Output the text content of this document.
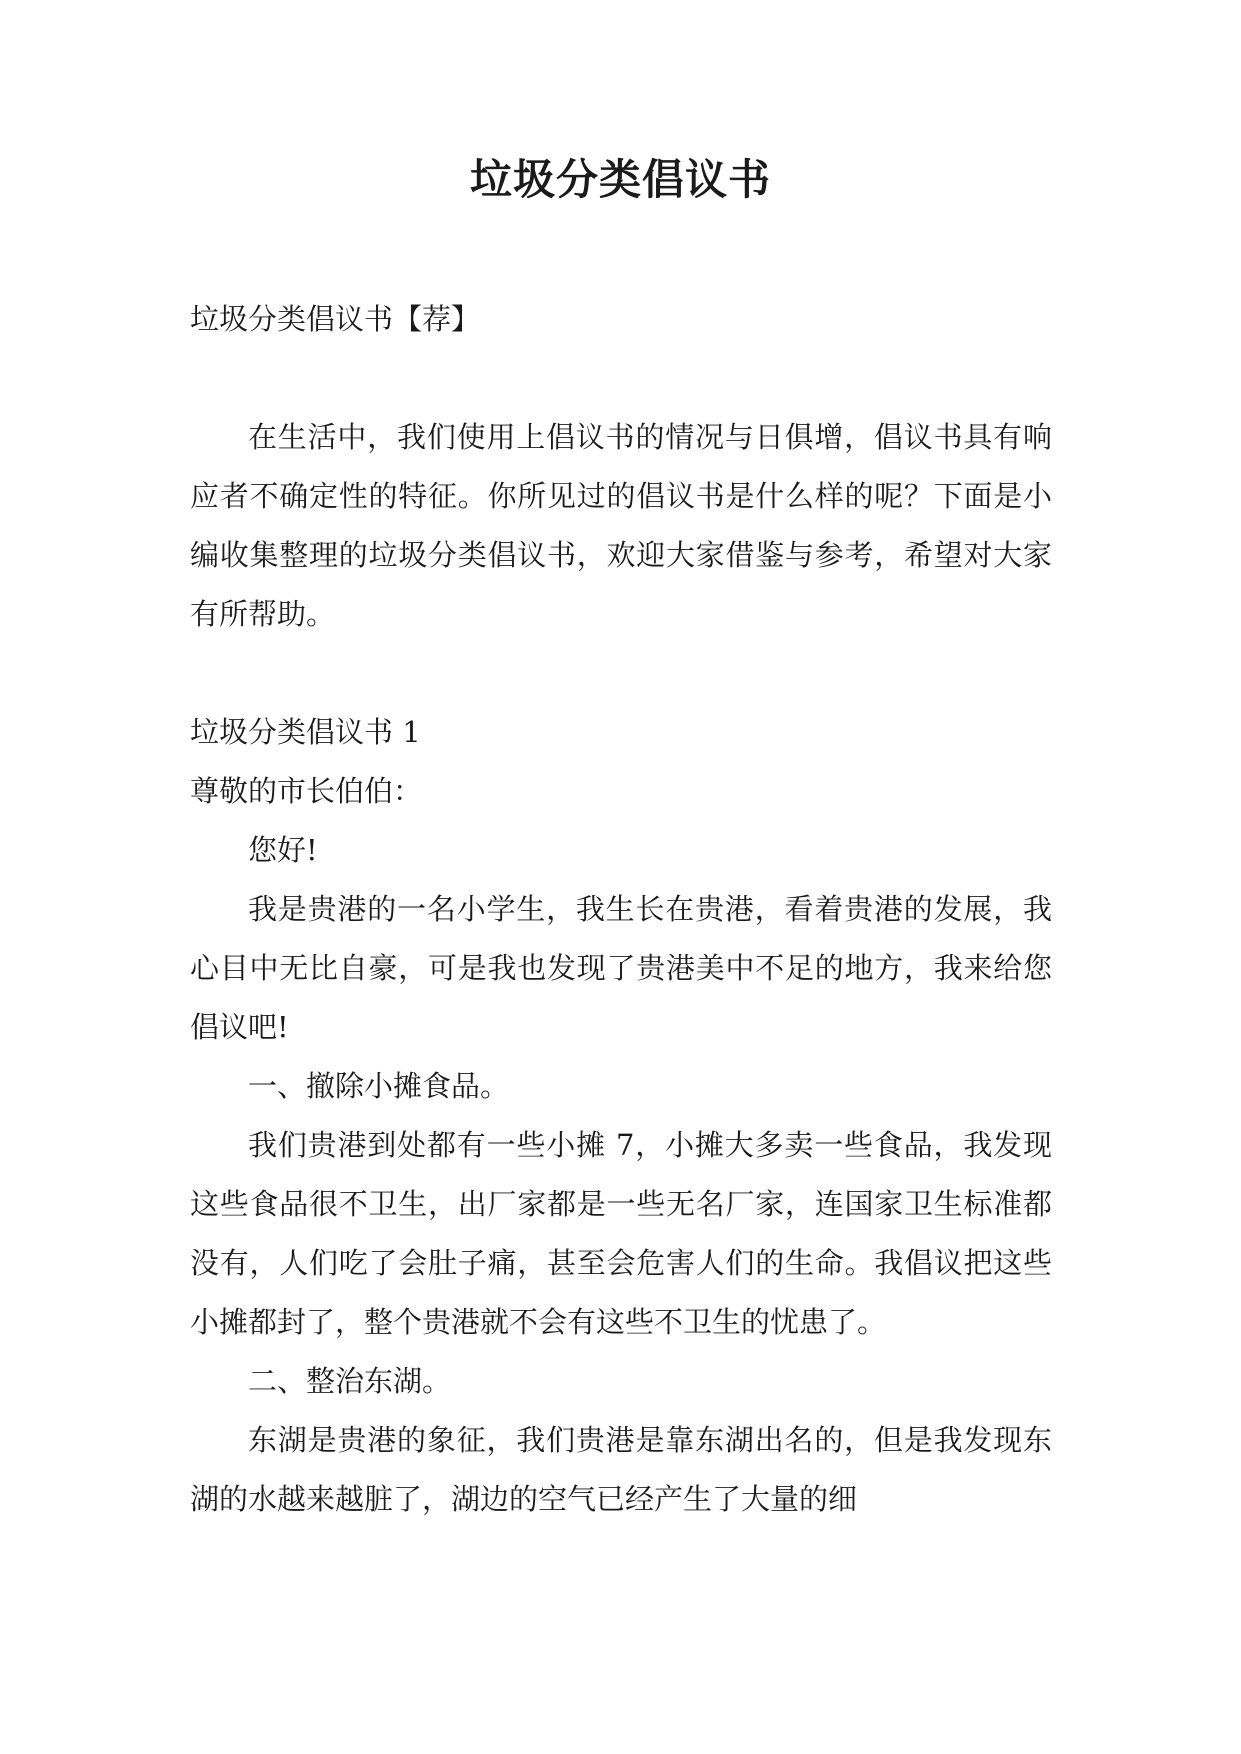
垃圾分类倡议书

垃圾分类倡议书【荐】

在生活中，我们使用上倡议书的情况与日俱增，倡议书具有响应者不确定性的特征。你所见过的倡议书是什么样的呢？下面是小编收集整理的垃圾分类倡议书，欢迎大家借鉴与参考，希望对大家有所帮助。

垃圾分类倡议书 1

尊敬的市长伯伯：

您好!

我是贵港的一名小学生，我生长在贵港，看着贵港的发展，我心目中无比自豪，可是我也发现了贵港美中不足的地方，我来给您倡议吧!

一、撤除小摊食品。

我们贵港到处都有一些小摊 7，小摊大多卖一些食品，我发现这些食品很不卫生，出厂家都是一些无名厂家，连国家卫生标准都没有，人们吃了会肚子痛，甚至会危害人们的生命。我倡议把这些小摊都封了，整个贵港就不会有这些不卫生的忧患了。

二、整治东湖。

东湖是贵港的象征，我们贵港是靠东湖出名的，但是我发现东湖的水越来越脏了，湖边的空气已经产生了大量的细
